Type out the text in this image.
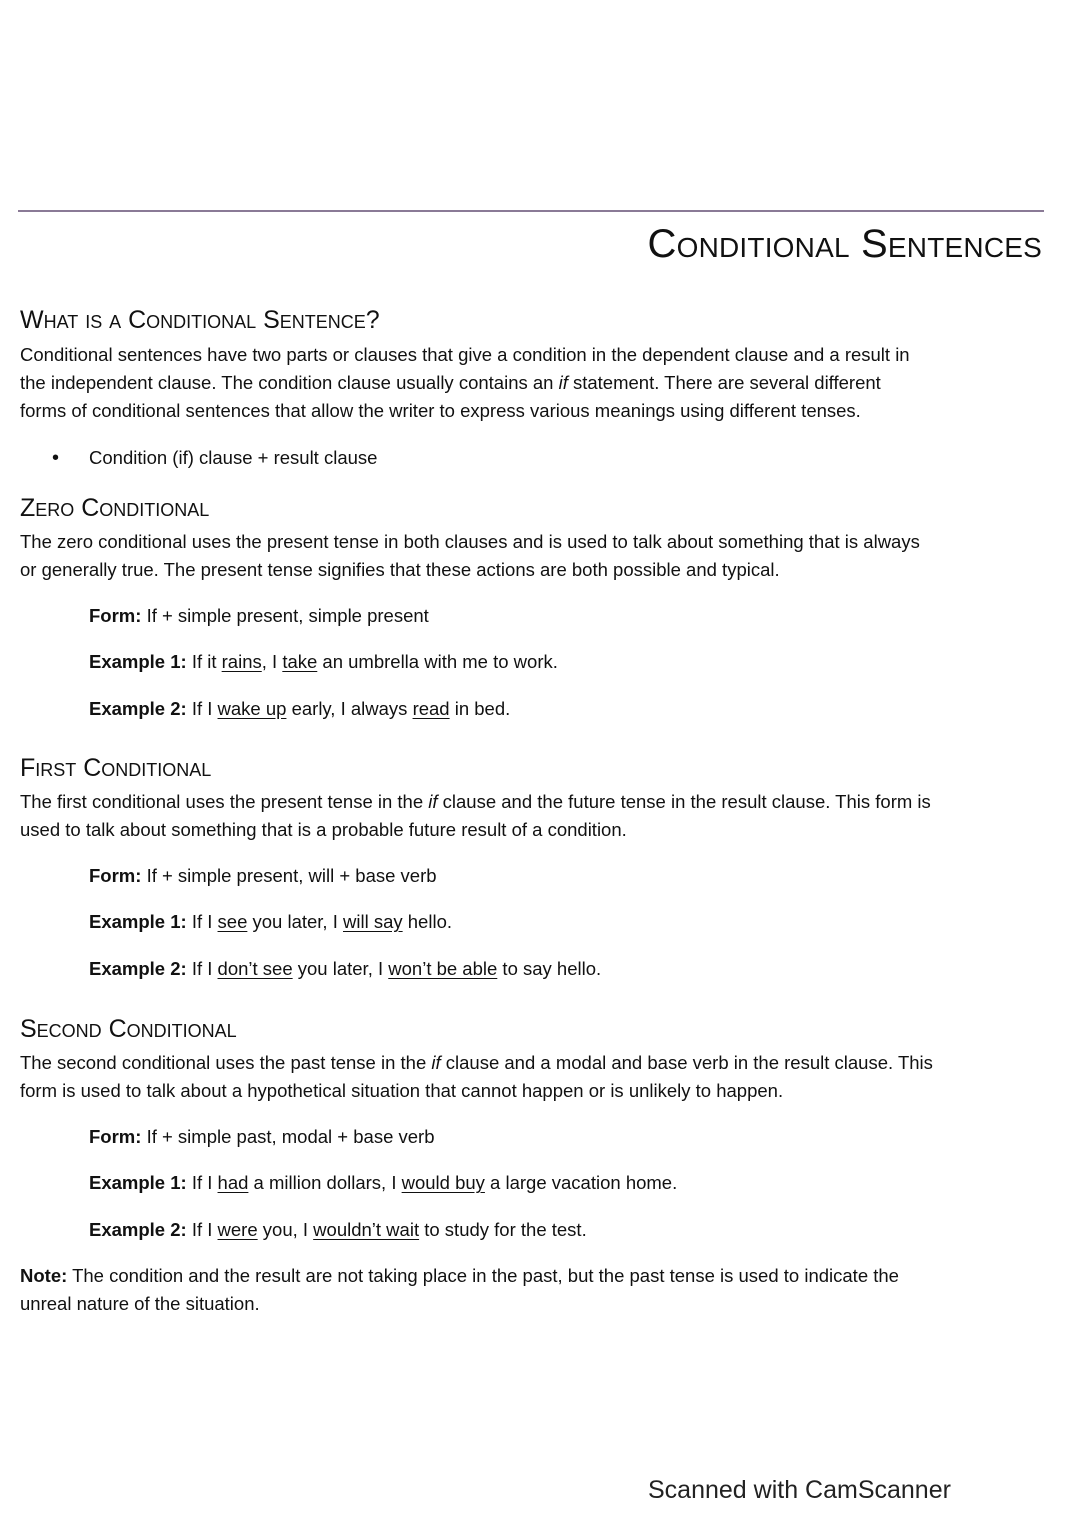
Conditional Sentences
What is a Conditional Sentence?

Conditional sentences have two parts or clauses that give a condition in the dependent clause and a result in
the independent clause. The condition clause usually contains an if statement. There are several different
forms of conditional sentences that allow the writer to express various meanings using different tenses.

• Condition (if) clause + result clause
Zero Conditional

The zero conditional uses the present tense in both clauses and is used to talk about something that is always
or generally true. The present tense signifies that these actions are both possible and typical.

Form: If + simple present, simple present

Example 1: If it rains, I take an umbrella with me to work.

Example 2: If I wake up early, I always read in bed.

First Conditional

The first conditional uses the present tense in the if clause and the future tense in the result clause. This form is
used to talk about something that is a probable future result of a condition.

Form: If + simple present, will + base verb

Example 1: If I see you later, I will say hello.

Example 2: If I don’t see you later, I won’t be able to say hello.

Second Conditional

The second conditional uses the past tense in the if clause and a modal and base verb in the result clause. This
form is used to talk about a hypothetical situation that cannot happen or is unlikely to happen.

Form: If + simple past, modal + base verb

Example 1: If I had a million dollars, I would buy a large vacation home.

Example 2: If I were you, I wouldn’t wait to study for the test.

Note: The condition and the result are not taking place in the past, but the past tense is used to indicate the
unreal nature of the situation.

Scanned with CamScanner
